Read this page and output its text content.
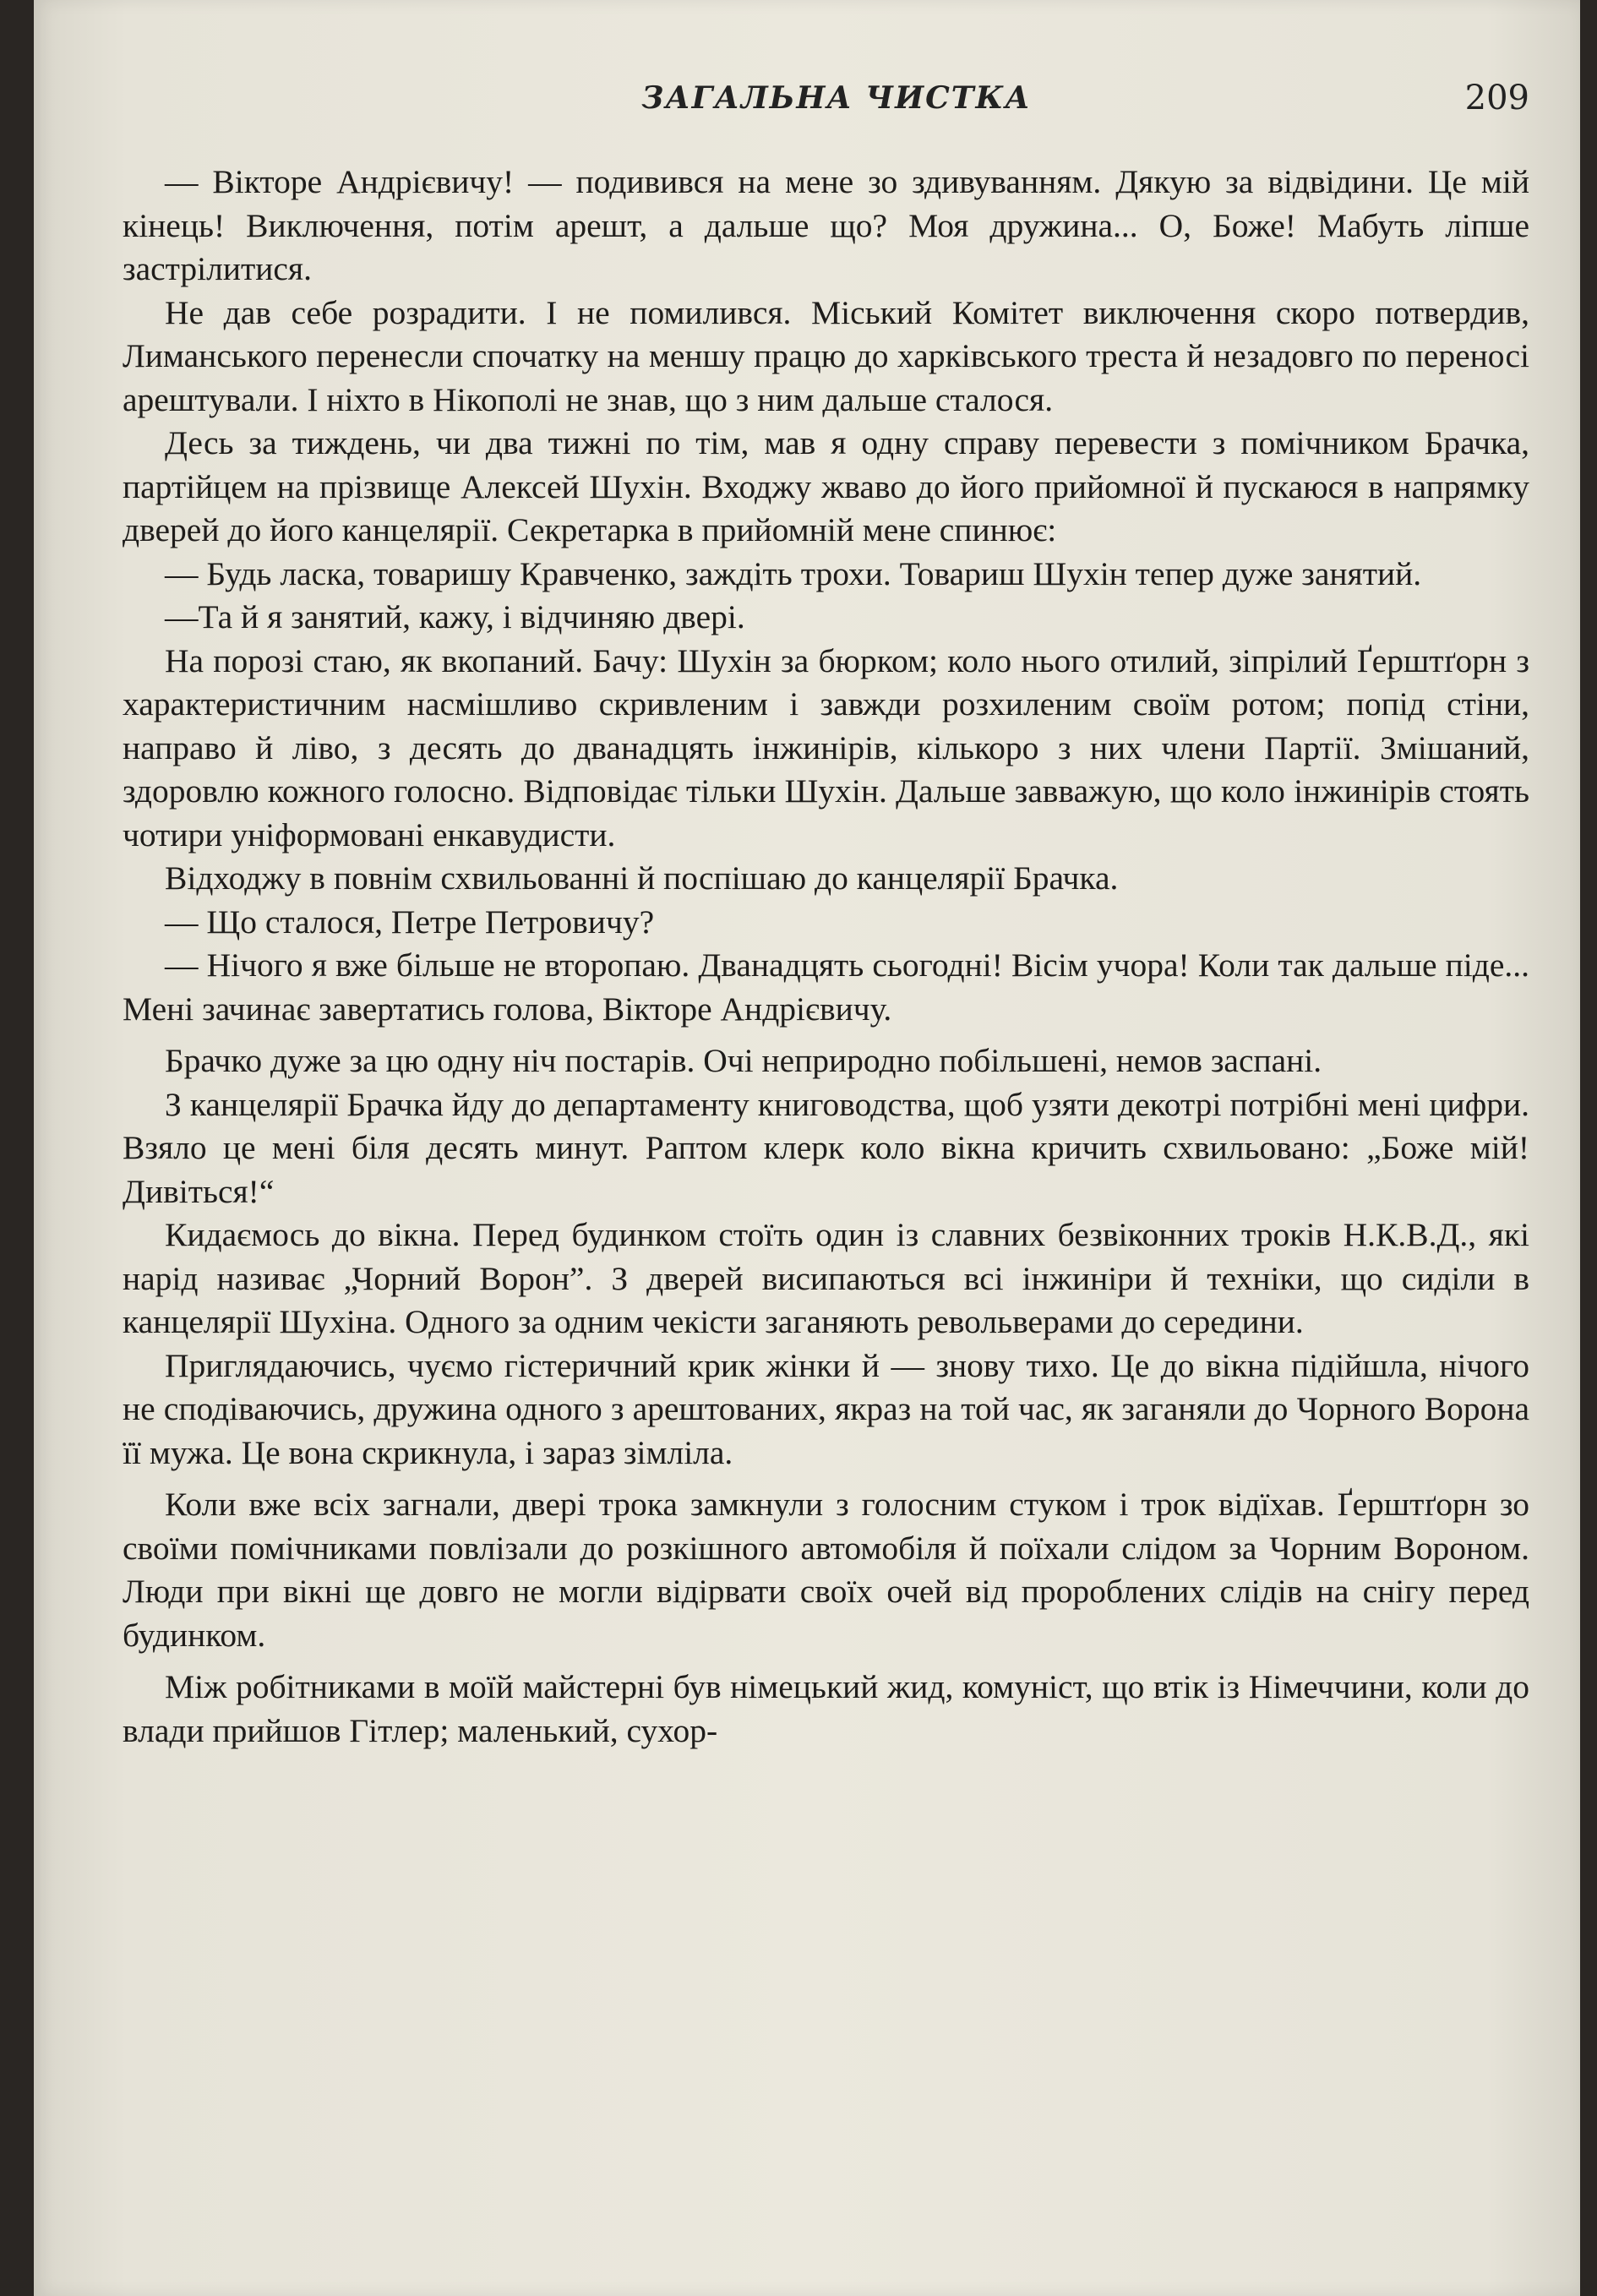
ЗАГАЛЬНА ЧИСТКА	209

— Вікторе Андрієвичу! — подивився на мене зо здивуванням. Дякую за відвідини. Це мій кінець! Виключення, потім арешт, а дальше що? Моя дружина... О, Боже! Мабуть ліпше застрілитися.

Не дав себе розрадити. І не помилився. Міський Комітет виключення скоро потвердив, Лиманського перенесли спочатку на меншу працю до харківського треста й незадовго по переносі арештували. І ніхто в Нікополі не знав, що з ним дальше сталося.

Десь за тиждень, чи два тижні по тім, мав я одну справу перевести з помічником Брачка, партійцем на прізвище Алексей Шухін. Входжу жваво до його прийомної й пускаюся в напрямку дверей до його канцелярії. Секретарка в прийомній мене спинює:

— Будь ласка, товаришу Кравченко, заждіть трохи. Товариш Шухін тепер дуже занятий.

—Та й я занятий, кажу, і відчиняю двері.

На порозі стаю, як вкопаний. Бачу: Шухін за бюрком; коло нього отилий, зіпрілий Ґерштґорн з характеристичним насмішливо скривленим і завжди розхиленим своїм ротом; попід стіни, направо й ліво, з десять до дванадцять інжинірів, кількоро з них члени Партії. Змішаний, здоровлю кожного голосно. Відповідає тільки Шухін. Дальше завважую, що коло інжинірів стоять чотири уніформовані енкавудисти.

Відходжу в повнім схвильованні й поспішаю до канцелярії Брачка.

— Що сталося, Петре Петровичу?

— Нічого я вже більше не второпаю. Дванадцять сьогодні! Вісім учора! Коли так дальше піде... Мені зачинає завертатись голова, Вікторе Андрієвичу.

Брачко дуже за цю одну ніч постарів. Очі неприродно побільшені, немов заспані.

З канцелярії Брачка йду до департаменту книговодства, щоб узяти декотрі потрібні мені цифри. Взяло це мені біля десять минут. Раптом клерк коло вікна кричить схвильовано: „Боже мій! Дивіться!“

Кидаємось до вікна. Перед будинком стоїть один із славних безвіконних троків Н.К.В.Д., які нарід називає „Чорний Ворон”. З дверей висипаються всі інжиніри й техніки, що сиділи в канцелярії Шухіна. Одного за одним чекісти заганяють револьверами до середини.

Приглядаючись, чуємо гістеричний крик жінки й — знову тихо. Це до вікна підійшла, нічого не сподіваючись, дружина одного з арештованих, якраз на той час, як заганяли до Чорного Ворона її мужа. Це вона скрикнула, і зараз зімліла.

Коли вже всіх загнали, двері трока замкнули з голосним стуком і трок відїхав. Ґерштґорн зо своїми помічниками повлізали до розкішного автомобіля й поїхали слідом за Чорним Вороном. Люди при вікні ще довго не могли відірвати своїх очей від пророблених слідів на снігу перед будинком.

Між робітниками в моїй майстерні був німецький жид, комуніст, що втік із Німеччини, коли до влади прийшов Гітлер; маленький, сухор-
